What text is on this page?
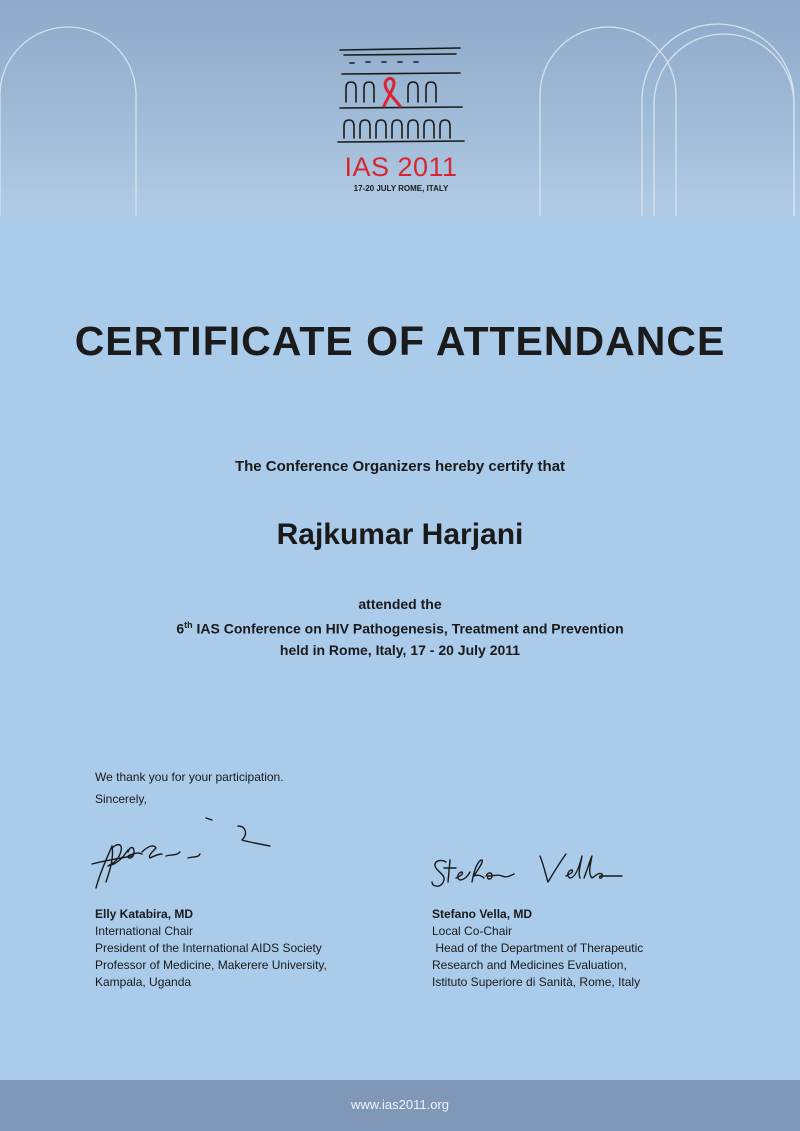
IAS 2011
17-20 JULY ROME, ITALY
CERTIFICATE OF ATTENDANCE
The Conference Organizers hereby certify that
Rajkumar Harjani
attended the
6th IAS Conference on HIV Pathogenesis, Treatment and Prevention
held in Rome, Italy, 17 - 20 July 2011
We thank you for your participation.
Sincerely,
Elly Katabira, MD
International Chair
President of the International AIDS Society
Professor of Medicine, Makerere University,
Kampala, Uganda
Stefano Vella, MD
Local Co-Chair
Head of the Department of Therapeutic
Research and Medicines Evaluation,
Istituto Superiore di Sanità, Rome, Italy
www.ias2011.org
